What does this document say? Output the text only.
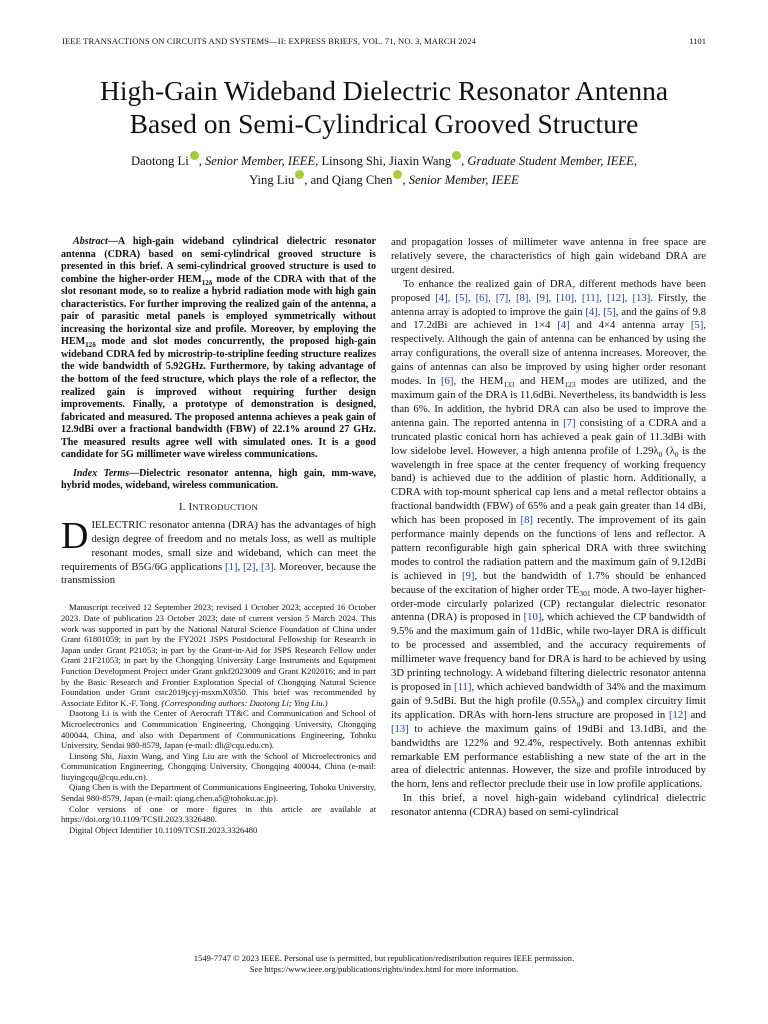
IEEE TRANSACTIONS ON CIRCUITS AND SYSTEMS—II: EXPRESS BRIEFS, VOL. 71, NO. 3, MARCH 2024	1101
High-Gain Wideband Dielectric Resonator Antenna
Based on Semi-Cylindrical Grooved Structure
Daotong Li , Senior Member, IEEE, Linsong Shi, Jiaxin Wang , Graduate Student Member, IEEE,
Ying Liu , and Qiang Chen , Senior Member, IEEE

Abstract—A high-gain wideband cylindrical dielectric resonator antenna (CDRA) based on semi-cylindrical grooved structure is presented in this brief. A semi-cylindrical grooved structure is used to combine the higher-order $HEM_{12\delta}$ mode of the CDRA with that of the slot resonant mode, so to realize a hybrid radiation mode with high gain characteristics. For further improving the realized gain of the antenna, a pair of parasitic metal panels is employed symmetrically without increasing the horizontal size and profile. Moreover, by employing the $HEM_{12\delta}$ mode and slot modes concurrently, the proposed high-gain wideband CDRA fed by microstrip-to-stripline feeding structure realizes the wide bandwidth of 5.92GHz. Furthermore, by taking advantage of the bottom of the feed structure, which plays the role of a reflector, the realized gain is improved without requiring further design improvements. Finally, a prototype of demonstration is designed, fabricated and measured. The proposed antenna achieves a peak gain of 12.9dBi over a fractional bandwidth (FBW) of 22.1% around 27 GHz. The measured results agree well with simulated ones. It is a good candidate for 5G millimeter wave wireless communications.

Index Terms—Dielectric resonator antenna, high gain, mm-wave, hybrid modes, wideband, wireless communication.

I. INTRODUCTION

DIELECTRIC resonator antenna (DRA) has the advantages of high design degree of freedom and no metals loss, as well as multiple resonant modes, small size and wideband, which can meet the requirements of B5G/6G applications [1], [2], [3]. Moreover, because the transmission

Manuscript received 12 September 2023; revised 1 October 2023; accepted 16 October 2023. Date of publication 23 October 2023; date of current version 5 March 2024. This work was supported in part by the National Natural Science Foundation of China under Grant 61801059; in part by the FY2021 JSPS Postdoctoral Fellowship for Research in Japan under Grant P21053; in part by the Grant-in-Aid for JSPS Research Fellow under Grant 21F21053; in part by the Chongqing University Large Instruments and Equipment Function Development Project under Grant gnkf2023009 and Grant K202016; and in part by the Basic Research and Frontier Exploration Special of Chongqing Natural Science Foundation under Grant cstc2019jcyj-msxmX0350. This brief was recommended by Associate Editor K.-F. Tong. (Corresponding authors: Daotong Li; Ying Liu.)

Daotong Li is with the Center of Aerocraft TT&C and Communication and School of Microelectronics and Communication Engineering, Chongqing University, Chongqing 400044, China, and also with Department of Communications Engineering, Tohoku University, Sendai 980-8579, Japan (e-mail: dli@cqu.edu.cn).

Linsong Shi, Jiaxin Wang, and Ying Liu are with the School of Microelectronics and Communication Engineering, Chongqing University, Chongqing 400044, China (e-mail: liuyingcqu@cqu.edu.cn).

Qiang Chen is with the Department of Communications Engineering, Tohoku University, Sendai 980-8579, Japan (e-mail: qiang.chen.a5@tohoku.ac.jp).

Color versions of one or more figures in this article are available at https://doi.org/10.1109/TCSII.2023.3326480.

Digital Object Identifier 10.1109/TCSII.2023.3326480

and propagation losses of millimeter wave antenna in free space are relatively severe, the characteristics of high gain wideband DRA are urgent desired.

To enhance the realized gain of DRA, different methods have been proposed [4], [5], [6], [7], [8], [9], [10], [11], [12], [13]. Firstly, the antenna array is adopted to improve the gain [4], [5], and the gains of 9.8 and 17.2dBi are achieved in 1×4 [4] and 4×4 antenna array [5], respectively. Although the gain of antenna can be enhanced by using the array configurations, the overall size of antenna increases. Moreover, the gains of antennas can also be improved by using higher order resonant modes. In [6], the $HEM_{133}$ and $HEM_{123}$ modes are utilized, and the maximum gain of the DRA is 11.6dBi. Nevertheless, its bandwidth is less than 6%. In addition, the hybrid DRA can also be used to improve the antenna gain. The reported antenna in [7] consisting of a CDRA and a truncated plastic conical horn has achieved a peak gain of 11.3dBi with low sidelobe level. However, a high antenna profile of $1.29\lambda_0$ ($\lambda_0$ is the wavelength in free space at the center frequency of working frequency band) is achieved due to the addition of plastic horn. Additionally, a CDRA with top-mount spherical cap lens and a metal reflector obtains a fractional bandwidth (FBW) of 65% and a peak gain greater than 14 dBi, which has been proposed in [8] recently. The improvement of its gain performance mainly depends on the functions of lens and reflector. A pattern reconfigurable high gain spherical DRA with three switching modes to control the radiation pattern and the maximum gain of 9.12dBi is achieved in [9], but the bandwidth of 1.7% should be enhanced because of the excitation of higher order $TE_{301}$ mode. A two-layer higher-order-mode circularly polarized (CP) rectangular dielectric resonator antenna (DRA) is proposed in [10], which achieved the CP bandwidth of 9.5% and the maximum gain of 11dBic, while two-layer DRA is difficult to be processed and assembled, and the accuracy requirements of millimeter wave frequency band for DRA is hard to be achieved by using 3D printing technology. A wideband filtering dielectric resonator antenna is proposed in [11], which achieved bandwidth of 34% and the maximum gain of 9.5dBi. But the high profile $(0.55\lambda_0)$ and complex circuitry limit its application. DRAs with horn-lens structure are proposed in [12] and [13] to achieve the maximum gains of 19dBi and 13.1dBi, and the bandwidths are 122% and 92.4%, respectively. Both antennas exhibit remarkable EM performance establishing a new state of the art in the area of dielectric antennas. However, the size and profile introduced by the horn, lens and reflector preclude their use in low profile applications.

In this brief, a novel high-gain wideband cylindrical dielectric resonator antenna (CDRA) based on semi-cylindrical

1549-7747 © 2023 IEEE. Personal use is permitted, but republication/redistribution requires IEEE permission.
See https://www.ieee.org/publications/rights/index.html for more information.
